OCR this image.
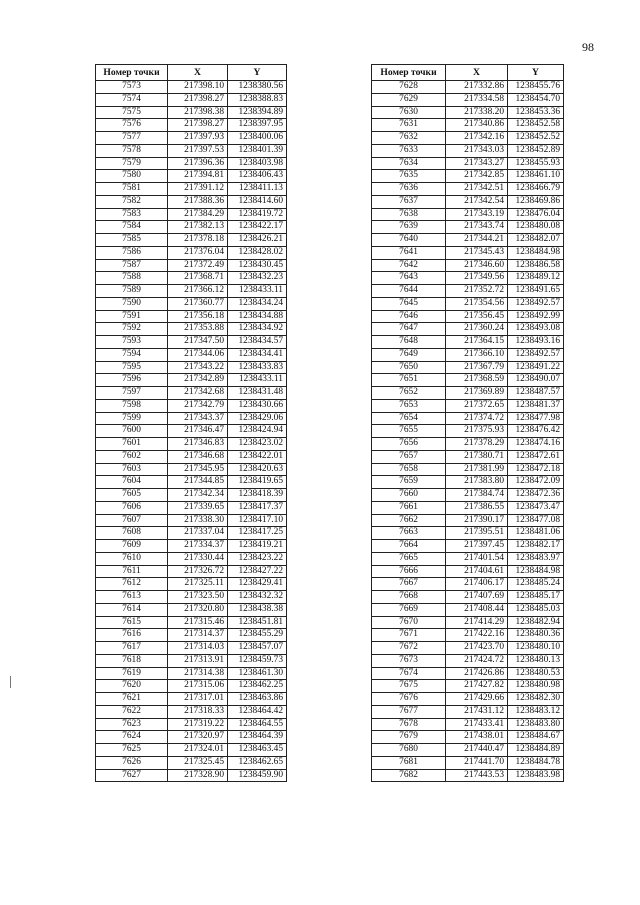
98
Номер точки	X	Y
7573	217398.10	1238380.56
7574	217398.27	1238388.83
7575	217398.38	1238394.89
7576	217398.27	1238397.95
7577	217397.93	1238400.06
7578	217397.53	1238401.39
7579	217396.36	1238403.98
7580	217394.81	1238406.43
7581	217391.12	1238411.13
7582	217388.36	1238414.60
7583	217384.29	1238419.72
7584	217382.13	1238422.17
7585	217378.18	1238426.21
7586	217376.04	1238428.02
7587	217372.49	1238430.45
7588	217368.71	1238432.23
7589	217366.12	1238433.11
7590	217360.77	1238434.24
7591	217356.18	1238434.88
7592	217353.88	1238434.92
7593	217347.50	1238434.57
7594	217344.06	1238434.41
7595	217343.22	1238433.83
7596	217342.89	1238433.11
7597	217342.68	1238431.48
7598	217342.79	1238430.66
7599	217343.37	1238429.06
7600	217346.47	1238424.94
7601	217346.83	1238423.02
7602	217346.68	1238422.01
7603	217345.95	1238420.63
7604	217344.85	1238419.65
7605	217342.34	1238418.39
7606	217339.65	1238417.37
7607	217338.30	1238417.10
7608	217337.04	1238417.25
7609	217334.37	1238419.21
7610	217330.44	1238423.22
7611	217326.72	1238427.22
7612	217325.11	1238429.41
7613	217323.50	1238432.32
7614	217320.80	1238438.38
7615	217315.46	1238451.81
7616	217314.37	1238455.29
7617	217314.03	1238457.07
7618	217313.91	1238459.73
7619	217314.38	1238461.30
7620	217315.06	1238462.25
7621	217317.01	1238463.86
7622	217318.33	1238464.42
7623	217319.22	1238464.55
7624	217320.97	1238464.39
7625	217324.01	1238463.45
7626	217325.45	1238462.65
7627	217328.90	1238459.90
Номер точки	X	Y
7628	217332.86	1238455.76
7629	217334.58	1238454.70
7630	217338.20	1238453.36
7631	217340.86	1238452.58
7632	217342.16	1238452.52
7633	217343.03	1238452.89
7634	217343.27	1238455.93
7635	217342.85	1238461.10
7636	217342.51	1238466.79
7637	217342.54	1238469.86
7638	217343.19	1238476.04
7639	217343.74	1238480.08
7640	217344.21	1238482.07
7641	217345.43	1238484.98
7642	217346.60	1238486.58
7643	217349.56	1238489.12
7644	217352.72	1238491.65
7645	217354.56	1238492.57
7646	217356.45	1238492.99
7647	217360.24	1238493.08
7648	217364.15	1238493.16
7649	217366.10	1238492.57
7650	217367.79	1238491.22
7651	217368.59	1238490.07
7652	217369.89	1238487.57
7653	217372.65	1238481.37
7654	217374.72	1238477.98
7655	217375.93	1238476.42
7656	217378.29	1238474.16
7657	217380.71	1238472.61
7658	217381.99	1238472.18
7659	217383.80	1238472.09
7660	217384.74	1238472.36
7661	217386.55	1238473.47
7662	217390.17	1238477.08
7663	217395.51	1238481.06
7664	217397.45	1238482.17
7665	217401.54	1238483.97
7666	217404.61	1238484.98
7667	217406.17	1238485.24
7668	217407.69	1238485.17
7669	217408.44	1238485.03
7670	217414.29	1238482.94
7671	217422.16	1238480.36
7672	217423.70	1238480.10
7673	217424.72	1238480.13
7674	217426.86	1238480.53
7675	217427.82	1238480.98
7676	217429.66	1238482.30
7677	217431.12	1238483.12
7678	217433.41	1238483.80
7679	217438.01	1238484.67
7680	217440.47	1238484.89
7681	217441.70	1238484.78
7682	217443.53	1238483.98
